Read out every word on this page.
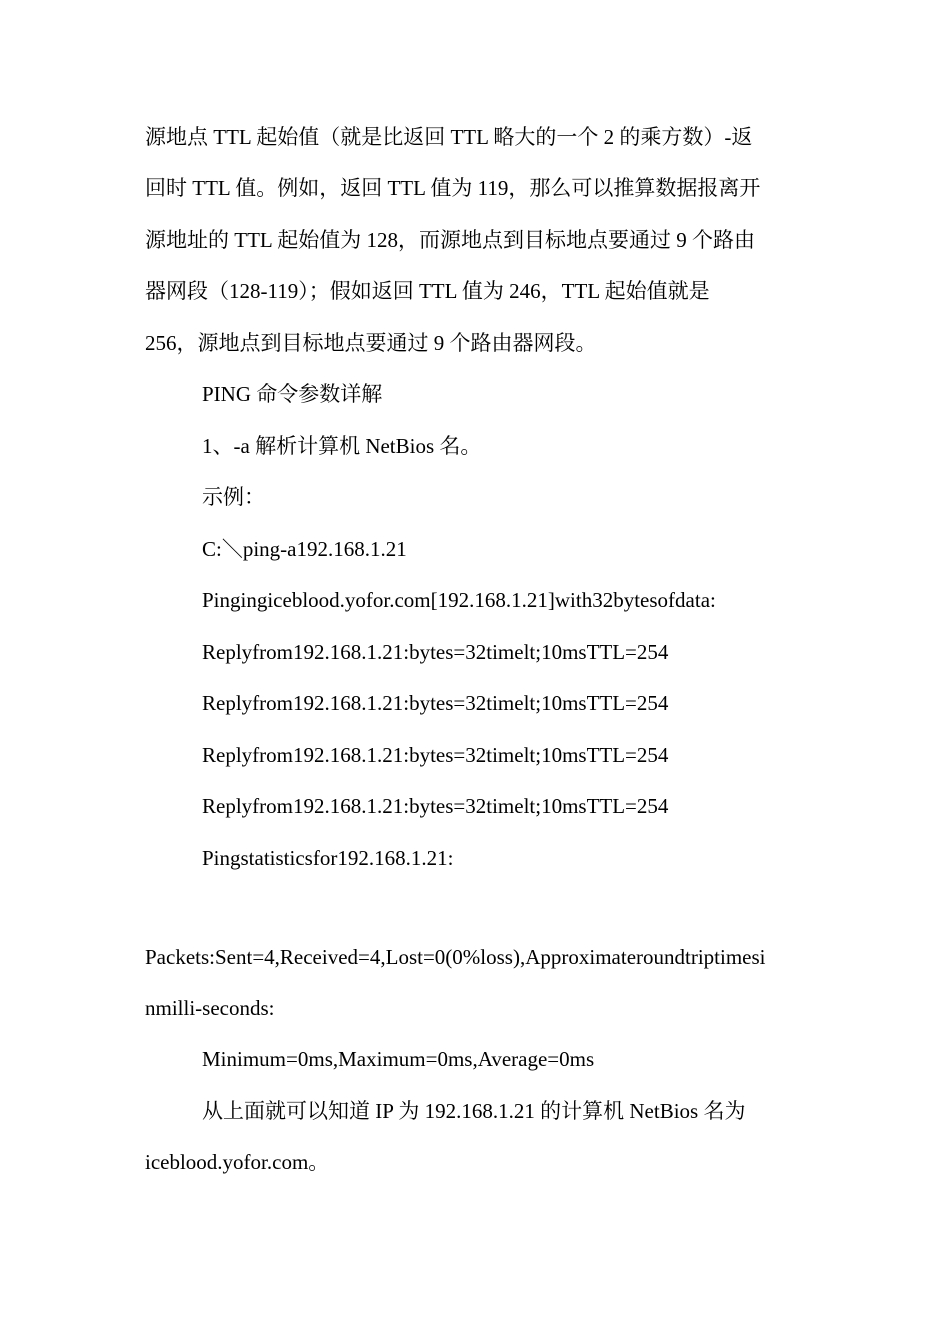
源地点 TTL 起始值（就是比返回 TTL 略大的一个 2 的乘方数）-返
回时 TTL 值。例如，返回 TTL 值为 119，那么可以推算数据报离开
源地址的 TTL 起始值为 128，而源地点到目标地点要通过 9 个路由
器网段（128-119）；假如返回 TTL 值为 246，TTL 起始值就是
256，源地点到目标地点要通过 9 个路由器网段。
PING 命令参数详解
1、-a 解析计算机 NetBios 名。
示例：
C:＼ping-a192.168.1.21
Pingingiceblood.yofor.com[192.168.1.21]with32bytesofdata:
Replyfrom192.168.1.21:bytes=32timelt;10msTTL=254
Replyfrom192.168.1.21:bytes=32timelt;10msTTL=254
Replyfrom192.168.1.21:bytes=32timelt;10msTTL=254
Replyfrom192.168.1.21:bytes=32timelt;10msTTL=254
Pingstatisticsfor192.168.1.21:
Packets:Sent=4,Received=4,Lost=0(0%loss),Approximateroundtriptimesi
nmilli-seconds:
Minimum=0ms,Maximum=0ms,Average=0ms
从上面就可以知道 IP 为 192.168.1.21 的计算机 NetBios 名为
iceblood.yofor.com。
